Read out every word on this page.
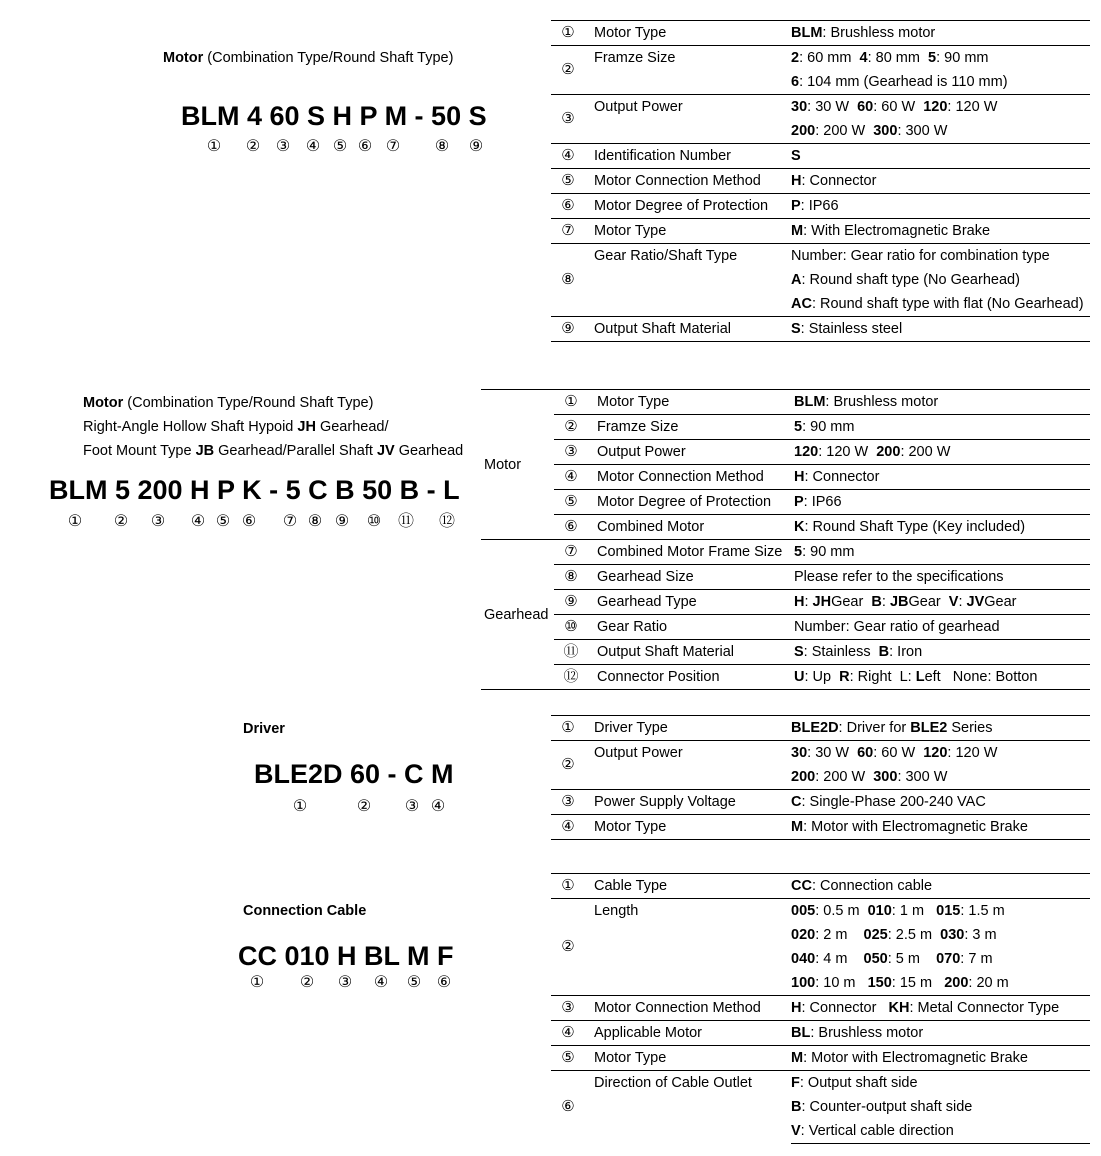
Motor (Combination Type/Round Shaft Type)
BLM 4 60 S H P M - 50 S
① ② ③ ④ ⑤ ⑥ ⑦ ⑧ ⑨
①	Motor Type	BLM: Brushless motor
②	Framze Size	2: 60 mm  4: 80 mm  5: 90 mm
		6: 104 mm (Gearhead is 110 mm)
③	Output Power	30: 30 W  60: 60 W  120: 120 W
		200: 200 W  300: 300 W
④	Identification Number	S
⑤	Motor Connection Method	H: Connector
⑥	Motor Degree of Protection	P: IP66
⑦	Motor Type	M: With Electromagnetic Brake
⑧	Gear Ratio/Shaft Type	Number: Gear ratio for combination type
		A: Round shaft type (No Gearhead)
		AC: Round shaft type with flat (No Gearhead)
⑨	Output Shaft Material	S: Stainless steel
Motor (Combination Type/Round Shaft Type)
Right-Angle Hollow Shaft Hypoid JH Gearhead/
Foot Mount Type JB Gearhead/Parallel Shaft JV Gearhead
BLM 5 200 H P K - 5 C B 50 B - L
① ② ③ ④ ⑤ ⑥ ⑦ ⑧ ⑨ ⑩ ⑪ ⑫
Motor	①	Motor Type	BLM: Brushless motor
	②	Framze Size	5: 90 mm
	③	Output Power	120: 120 W  200: 200 W
	④	Motor Connection Method	H: Connector
	⑤	Motor Degree of Protection	P: IP66
	⑥	Combined Motor	K: Round Shaft Type (Key included)
Gearhead	⑦	Combined Motor Frame Size	5: 90 mm
	⑧	Gearhead Size	Please refer to the specifications
	⑨	Gearhead Type	H: JHGear  B: JBGear  V: JVGear
	⑩	Gear Ratio	Number: Gear ratio of gearhead
	⑪	Output Shaft Material	S: Stainless  B: Iron
	⑫	Connector Position	U: Up  R: Right  L: Left   None: Botton
Driver
BLE2D 60 - C M
①	② ③ ④
①	Driver Type	BLE2D: Driver for BLE2 Series
②	Output Power	30: 30 W  60: 60 W  120: 120 W
		200: 200 W  300: 300 W
③	Power Supply Voltage	C: Single-Phase 200-240 VAC
④	Motor Type	M: Motor with Electromagnetic Brake
Connection Cable
CC 010 H BL M F
① ② ③ ④ ⑤ ⑥
①	Cable Type	CC: Connection cable
②	Length	005: 0.5 m  010: 1 m   015: 1.5 m
		020: 2 m    025: 2.5 m  030: 3 m
		040: 4 m    050: 5 m    070: 7 m
		100: 10 m   150: 15 m   200: 20 m
③	Motor Connection Method	H: Connector   KH: Metal Connector Type
④	Applicable Motor	BL: Brushless motor
⑤	Motor Type	M: Motor with Electromagnetic Brake
⑥	Direction of Cable Outlet	F: Output shaft side
		B: Counter-output shaft side
		V: Vertical cable direction
